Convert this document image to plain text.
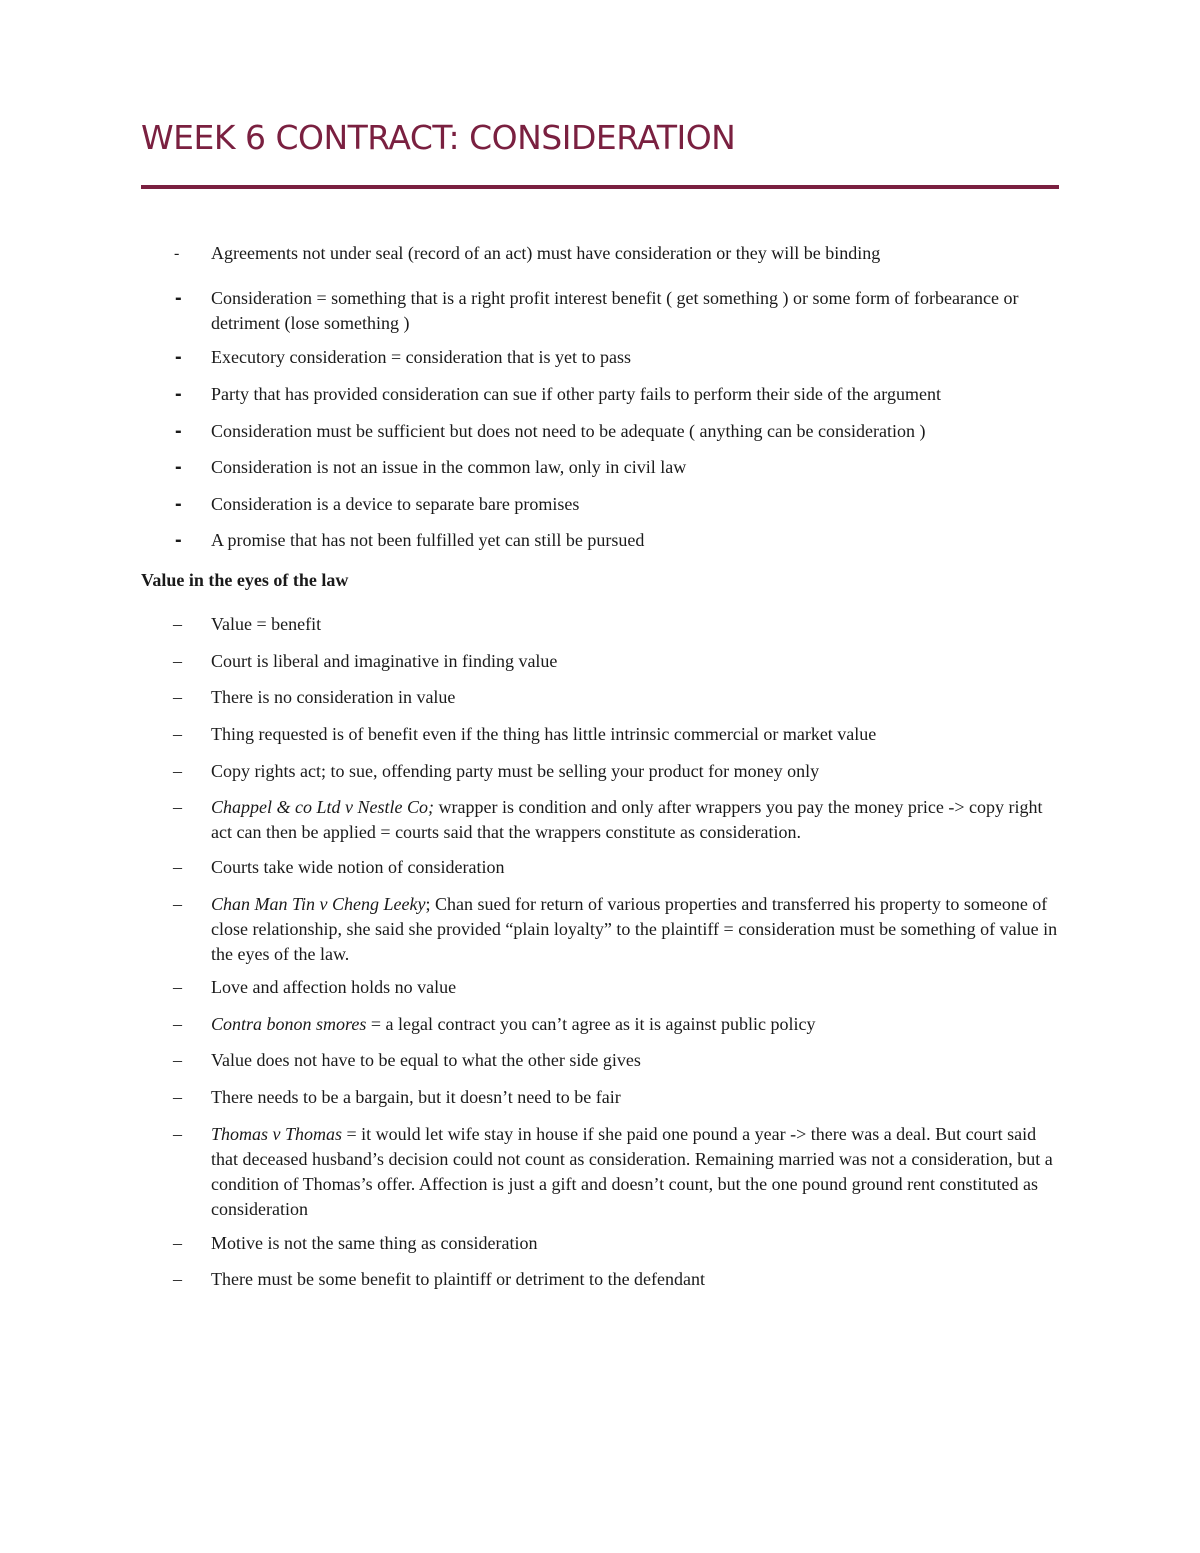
WEEK 6 CONTRACT: CONSIDERATION
-	Agreements not under seal (record of an act) must have consideration or they will be binding
-	Consideration = something that is a right profit interest benefit ( get something ) or some form of forbearance or detriment (lose something )
-	Executory consideration = consideration that is yet to pass
-	Party that has provided consideration can sue if other party fails to perform their side of the argument
-	Consideration must be sufficient but does not need to be adequate ( anything can be consideration )
-	Consideration is not an issue in the common law, only in civil law
-	Consideration is a device to separate bare promises
-	A promise that has not been fulfilled yet can still be pursued
Value in the eyes of the law
–	Value = benefit
–	Court is liberal and imaginative in finding value
–	There is no consideration in value
–	Thing requested is of benefit even if the thing has little intrinsic commercial or market value
–	Copy rights act; to sue, offending party must be selling your product for money only
–	Chappel & co Ltd v Nestle Co; wrapper is condition and only after wrappers you pay the money price -> copy right act can then be applied = courts said that the wrappers constitute as consideration.
–	Courts take wide notion of consideration
–	Chan Man Tin v Cheng Leeky; Chan sued for return of various properties and transferred his property to someone of close relationship, she said she provided “plain loyalty” to the plaintiff = consideration must be something of value in the eyes of the law.
–	Love and affection holds no value
–	Contra bonon smores = a legal contract you can’t agree as it is against public policy
–	Value does not have to be equal to what the other side gives
–	There needs to be a bargain, but it doesn’t need to be fair
–	Thomas v Thomas = it would let wife stay in house if she paid one pound a year -> there was a deal. But court said that deceased husband’s decision could not count as consideration. Remaining married was not a consideration, but a condition of Thomas’s offer. Affection is just a gift and doesn’t count, but the one pound ground rent constituted as consideration
–	Motive is not the same thing as consideration
–	There must be some benefit to plaintiff or detriment to the defendant
